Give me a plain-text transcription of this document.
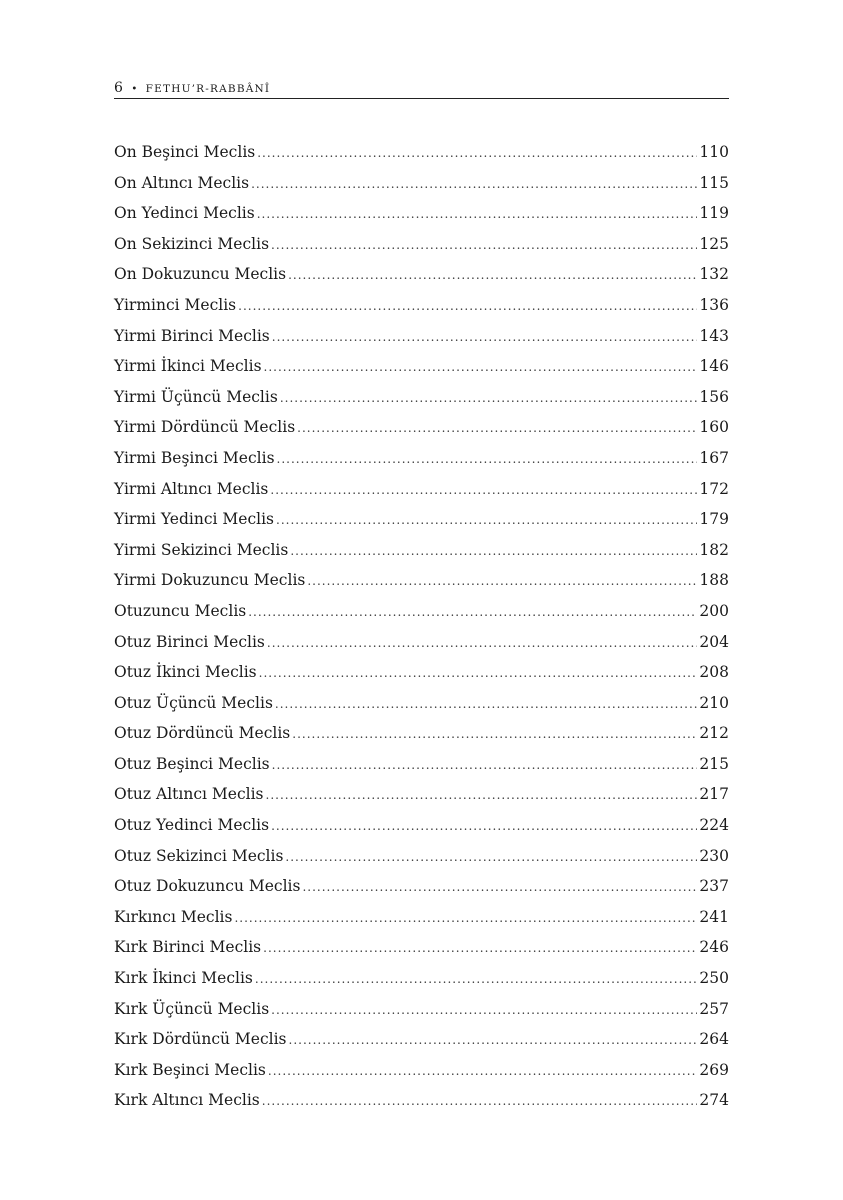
6 • FETHU’R-RABBÂNÎ
On Beşinci Meclis .....	110
On Altıncı Meclis .....	115
On Yedinci Meclis .....	119
On Sekizinci Meclis .....	125
On Dokuzuncu Meclis .....	132
Yirminci Meclis .....	136
Yirmi Birinci Meclis .....	143
Yirmi İkinci Meclis .....	146
Yirmi Üçüncü Meclis .....	156
Yirmi Dördüncü Meclis .....	160
Yirmi Beşinci Meclis .....	167
Yirmi Altıncı Meclis .....	172
Yirmi Yedinci Meclis .....	179
Yirmi Sekizinci Meclis .....	182
Yirmi Dokuzuncu Meclis .....	188
Otuzuncu Meclis .....	200
Otuz Birinci Meclis .....	204
Otuz İkinci Meclis .....	208
Otuz Üçüncü Meclis .....	210
Otuz Dördüncü Meclis .....	212
Otuz Beşinci Meclis .....	215
Otuz Altıncı Meclis .....	217
Otuz Yedinci Meclis .....	224
Otuz Sekizinci Meclis .....	230
Otuz Dokuzuncu Meclis .....	237
Kırkıncı Meclis .....	241
Kırk Birinci Meclis .....	246
Kırk İkinci Meclis .....	250
Kırk Üçüncü Meclis .....	257
Kırk Dördüncü Meclis .....	264
Kırk Beşinci Meclis .....	269
Kırk Altıncı Meclis .....	274
